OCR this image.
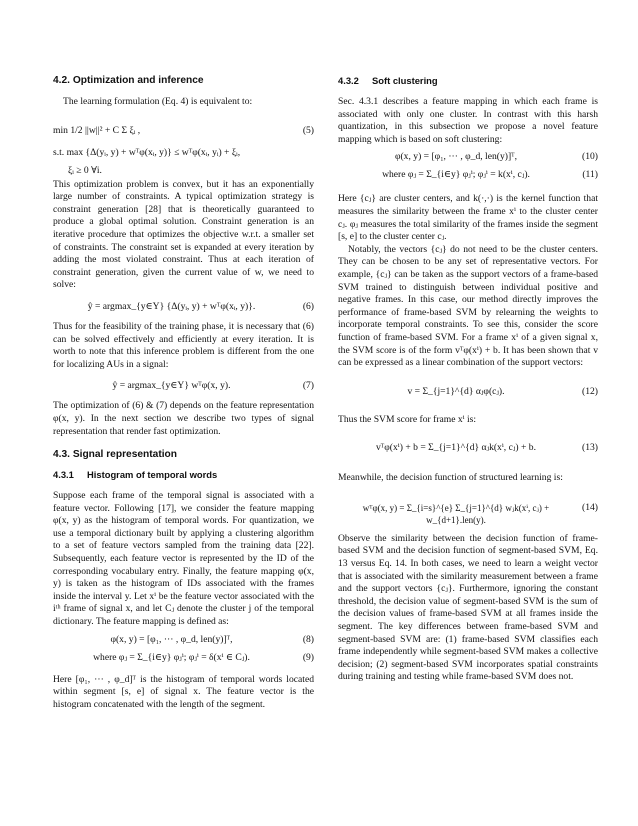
4.2. Optimization and inference

The learning formulation (Eq. 4) is equivalent to:

min 1/2 ||w||² + C Σ ξᵢ ,
s.t. max {Δ(yᵢ, y) + wᵀφ(xᵢ, y)} ≤ wᵀφ(xᵢ, yᵢ) + ξᵢ,
ξᵢ ≥ 0 ∀i.
(5)

This optimization problem is convex, but it has an exponentially large number of constraints. A typical optimization strategy is constraint generation [28] that is theoretically guaranteed to produce a global optimal solution. Constraint generation is an iterative procedure that optimizes the objective w.r.t. a smaller set of constraints. The constraint set is expanded at every iteration by adding the most violated constraint. Thus at each iteration of constraint generation, given the current value of w, we need to solve:

ŷ = argmax_{y∈Y} {Δ(yᵢ, y) + wᵀφ(xᵢ, y)}.	(6)

Thus for the feasibility of the training phase, it is necessary that (6) can be solved effectively and efficiently at every iteration. It is worth to note that this inference problem is different from the one for localizing AUs in a signal:

ŷ = argmax_{y∈Y} wᵀφ(x, y).	(7)

The optimization of (6) & (7) depends on the feature representation φ(x, y). In the next section we describe two types of signal representation that render fast optimization.

4.3. Signal representation
4.3.1 Histogram of temporal words

Suppose each frame of the temporal signal is associated with a feature vector. Following [17], we consider the feature mapping φ(x, y) as the histogram of temporal words. For quantization, we use a temporal dictionary built by applying a clustering algorithm to a set of feature vectors sampled from the training data [22]. Subsequently, each feature vector is represented by the ID of the corresponding vocabulary entry. Finally, the feature mapping φ(x, y) is taken as the histogram of IDs associated with the frames inside the interval y. Let xⁱ be the feature vector associated with the iᵗʰ frame of signal x, and let Cⱼ denote the cluster j of the temporal dictionary. The feature mapping is defined as:

φ(x, y) = [φ₁, ··· , φ_d, len(y)]ᵀ,	(8)
where φⱼ = Σ_{i∈y} φⱼⁱ; φⱼⁱ = δ(xⁱ ∈ Cⱼ).	(9)

Here [φ₁, ··· , φ_d]ᵀ is the histogram of temporal words located within segment [s, e] of signal x. The feature vector is the histogram concatenated with the length of the segment.

4.3.2 Soft clustering

Sec. 4.3.1 describes a feature mapping in which each frame is associated with only one cluster. In contrast with this harsh quantization, in this subsection we propose a novel feature mapping which is based on soft clustering:

φ(x, y) = [φ₁, ··· , φ_d, len(y)]ᵀ,	(10)
where φⱼ = Σ_{i∈y} φⱼⁱ; φⱼⁱ = k(xⁱ, cⱼ).	(11)

Here {cⱼ} are cluster centers, and k(·,·) is the kernel function that measures the similarity between the frame xⁱ to the cluster center cⱼ. φⱼ measures the total similarity of the frames inside the segment [s, e] to the cluster center cⱼ.

Notably, the vectors {cⱼ} do not need to be the cluster centers. They can be chosen to be any set of representative vectors. For example, {cⱼ} can be taken as the support vectors of a frame-based SVM trained to distinguish between individual positive and negative frames. In this case, our method directly improves the performance of frame-based SVM by relearning the weights to incorporate temporal constraints. To see this, consider the score function of frame-based SVM. For a frame xⁱ of a given signal x, the SVM score is of the form vᵀφ(xⁱ) + b. It has been shown that v can be expressed as a linear combination of the support vectors:

v = Σ_{j=1}^{d} αⱼφ(cⱼ).	(12)

Thus the SVM score for frame xⁱ is:

vᵀφ(xⁱ) + b = Σ_{j=1}^{d} αⱼk(xⁱ, cⱼ) + b.	(13)

Meanwhile, the decision function of structured learning is:

wᵀφ(x, y) = Σ_{i=s}^{e} Σ_{j=1}^{d} wⱼk(xⁱ, cⱼ) + w_{d+1}.len(y).
(14)

Observe the similarity between the decision function of frame-based SVM and the decision function of segment-based SVM, Eq. 13 versus Eq. 14. In both cases, we need to learn a weight vector that is associated with the similarity measurement between a frame and the support vectors {cⱼ}. Furthermore, ignoring the constant threshold, the decision value of segment-based SVM is the sum of the decision values of frame-based SVM at all frames inside the segment. The key differences between frame-based SVM and segment-based SVM are: (1) frame-based SVM classifies each frame independently while segment-based SVM makes a collective decision; (2) segment-based SVM incorporates spatial constraints during training and testing while frame-based SVM does not.
